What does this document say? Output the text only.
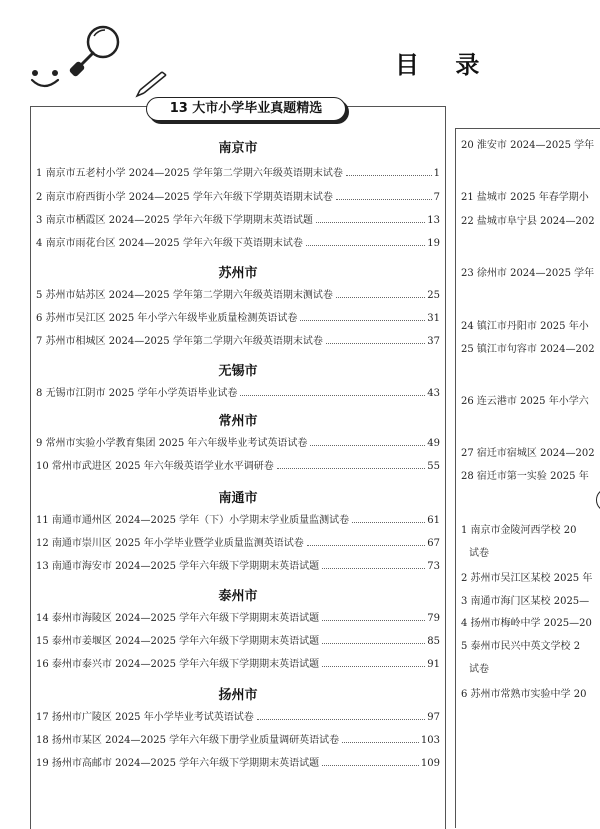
目 录
13 大市小学毕业真题精选
南京市
1 南京市五老村小学 2024—2025 学年第二学期六年级英语期末试卷	1
2 南京市府西街小学 2024—2025 学年六年级下学期英语期末试卷	7
3 南京市栖霞区 2024—2025 学年六年级下学期期末英语试题	13
4 南京市雨花台区 2024—2025 学年六年级下英语期末试卷	19
苏州市
5 苏州市姑苏区 2024—2025 学年第二学期六年级英语期末测试卷	25
6 苏州市吴江区 2025 年小学六年级毕业质量检测英语试卷	31
7 苏州市相城区 2024—2025 学年第二学期六年级英语期末试卷	37
无锡市
8 无锡市江阴市 2025 学年小学英语毕业试卷	43
常州市
9 常州市实验小学教育集团 2025 年六年级毕业考试英语试卷	49
10 常州市武进区 2025 年六年级英语学业水平调研卷	55
南通市
11 南通市通州区 2024—2025 学年（下）小学期末学业质量监测试卷	61
12 南通市崇川区 2025 年小学毕业暨学业质量监测英语试卷	67
13 南通市海安市 2024—2025 学年六年级下学期期末英语试题	73
泰州市
14 泰州市海陵区 2024—2025 学年六年级下学期期末英语试题	79
15 泰州市姜堰区 2024—2025 学年六年级下学期期末英语试题	85
16 泰州市泰兴市 2024—2025 学年六年级下学期期末英语试题	91
扬州市
17 扬州市广陵区 2025 年小学毕业考试英语试卷	97
18 扬州市某区 2024—2025 学年六年级下册学业质量调研英语试卷	103
19 扬州市高邮市 2024—2025 学年六年级下学期期末英语试题	109
20 淮安市 2024—2025 学年
21 盐城市 2025 年春学期小
22 盐城市阜宁县 2024—202
23 徐州市 2024—2025 学年
24 镇江市丹阳市 2025 年小
25 镇江市句容市 2024—202
26 连云港市 2025 年小学六
27 宿迁市宿城区 2024—202
28 宿迁市第一实验 2025 年
1 南京市金陵河西学校 20
试卷
2 苏州市吴江区某校 2025 年
3 南通市海门区某校 2025—
4 扬州市梅岭中学 2025—20
5 泰州市民兴中英文学校 2
试卷
6 苏州市常熟市实验中学 20
